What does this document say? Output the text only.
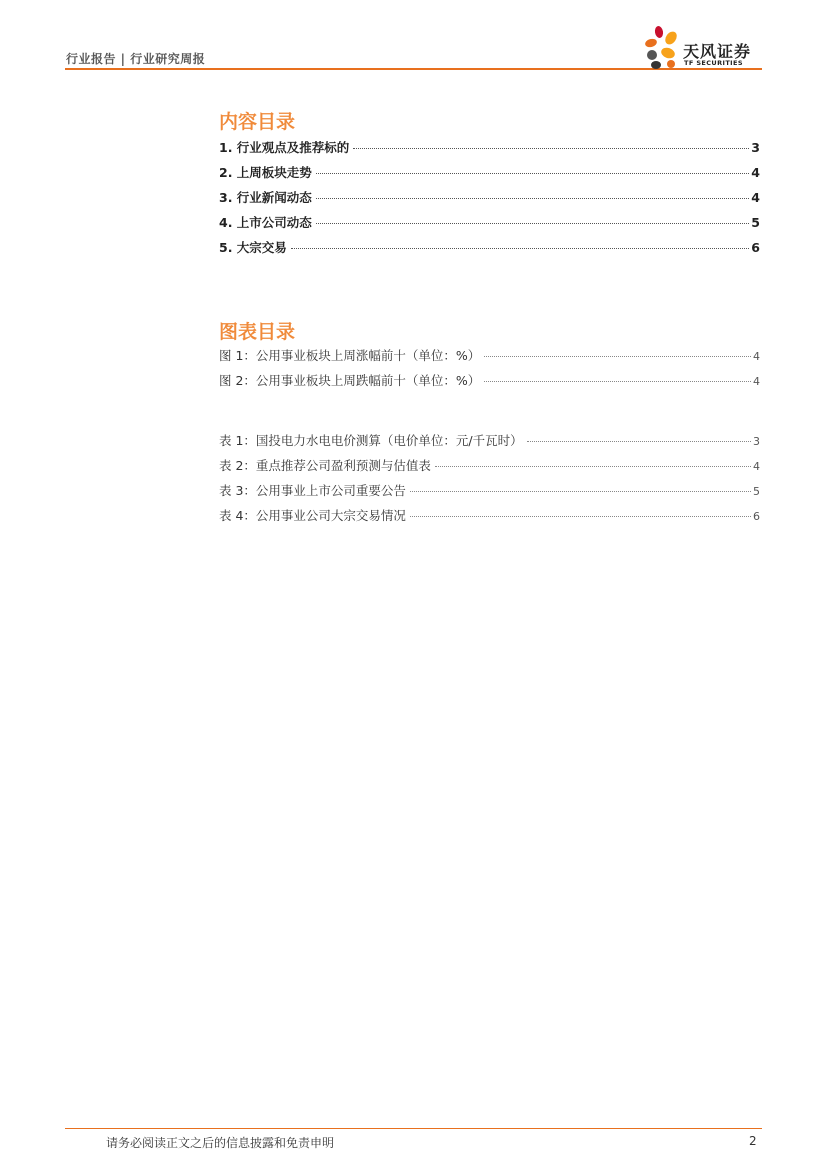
行业报告 | 行业研究周报	天风证券
TF SECURITIES
内容目录
1. 行业观点及推荐标的	3
2. 上周板块走势	4
3. 行业新闻动态	4
4. 上市公司动态	5
5. 大宗交易	6
图表目录
图 1：公用事业板块上周涨幅前十（单位：%）	4
图 2：公用事业板块上周跌幅前十（单位：%）	4
表 1：国投电力水电电价测算（电价单位：元/千瓦时）	3
表 2：重点推荐公司盈利预测与估值表	4
表 3：公用事业上市公司重要公告	5
表 4：公用事业公司大宗交易情况	6
请务必阅读正文之后的信息披露和免责申明	2
